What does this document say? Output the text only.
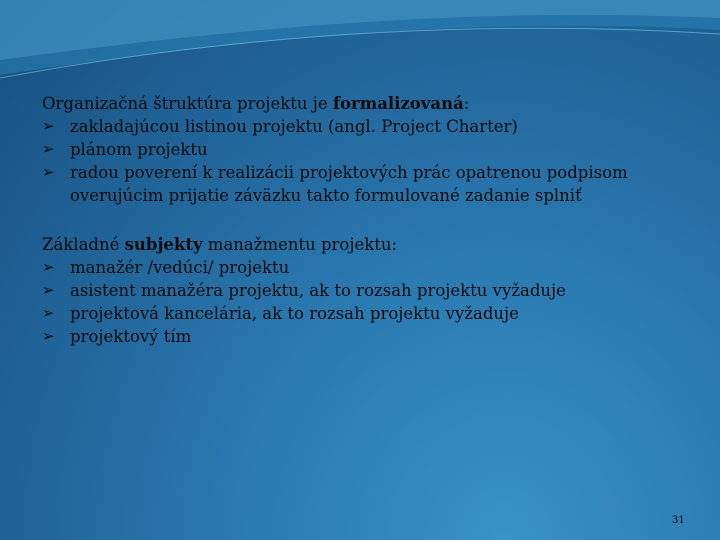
Organizačná štruktúra projektu je formalizovaná:

➢ zakladajúcou listinou projektu (angl. Project Charter)
➢ plánom projektu
➢ radou poverení k realizácii projektových prác opatrenou podpisom overujúcim prijatie záväzku takto formulované zadanie splniť

Základné subjekty manažmentu projektu:

➢ manažér /vedúci/ projektu
➢ asistent manažéra projektu, ak to rozsah projektu vyžaduje
➢ projektová kancelária, ak to rozsah projektu vyžaduje
➢ projektový tím
31
